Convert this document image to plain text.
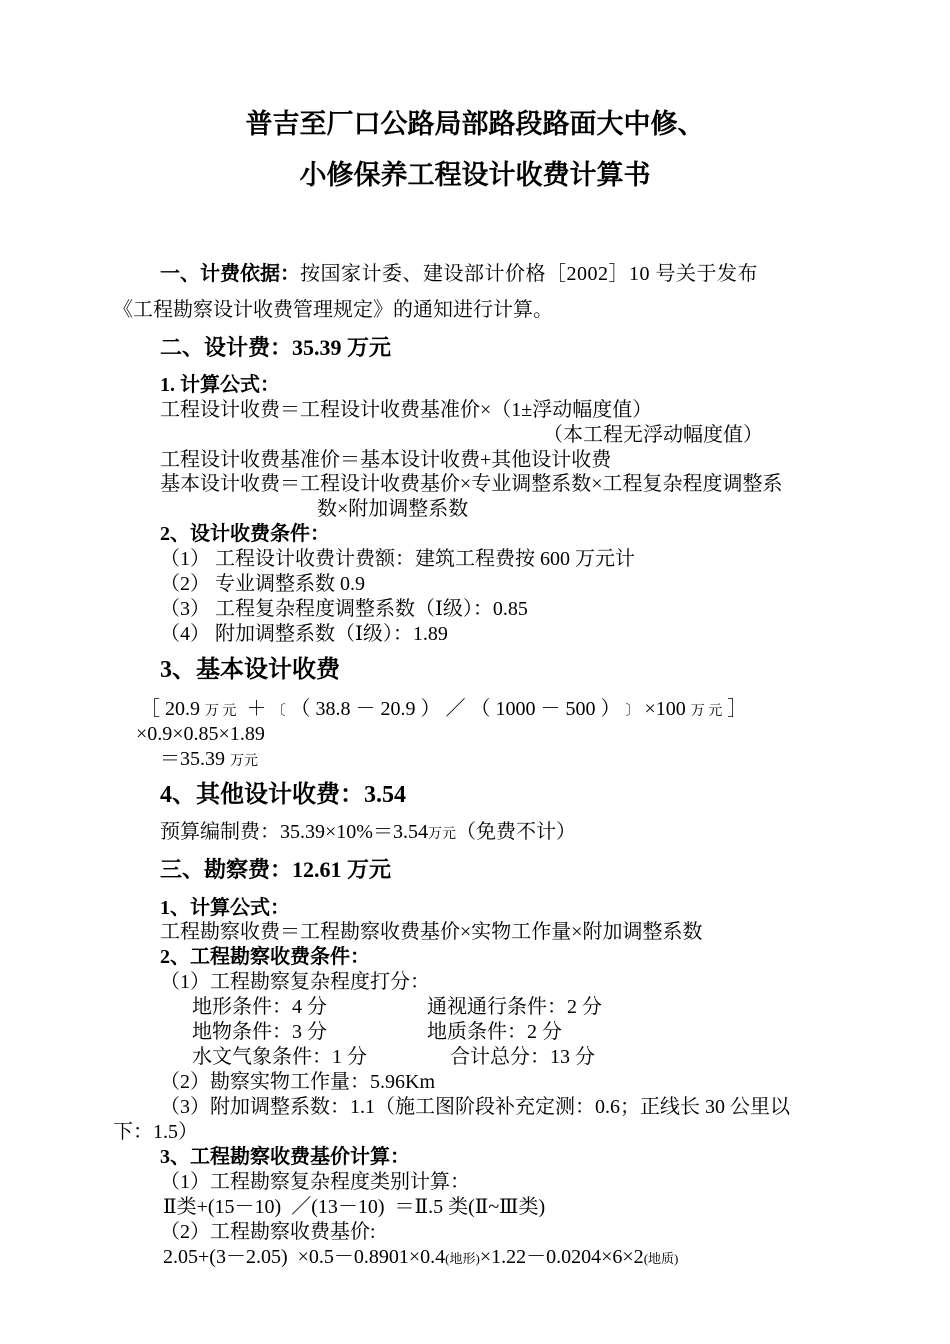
普吉至厂口公路局部路段路面大中修、
小修保养工程设计收费计算书
一、计费依据：按国家计委、建设部计价格［2002］10 号关于发布
《工程勘察设计收费管理规定》的通知进行计算。
二、设计费：35.39 万元
1. 计算公式：
工程设计收费＝工程设计收费基准价×（1±浮动幅度值）
（本工程无浮动幅度值）
工程设计收费基准价＝基本设计收费+其他设计收费
基本设计收费＝工程设计收费基价×专业调整系数×工程复杂程度调整系
数×附加调整系数
2、设计收费条件：
（1） 工程设计收费计费额：建筑工程费按 600 万元计
（2） 专业调整系数 0.9
（3） 工程复杂程度调整系数（Ⅰ级）：0.85
（4） 附加调整系数（Ⅰ级）：1.89
3、基本设计收费
［ 20.9 万 元  ＋ 〔 （ 38.8 － 20.9 ） ／ （ 1000 － 500 ） 〕 ×100 万 元 ］
×0.9×0.85×1.89
＝35.39 万元
4、其他设计收费：3.54
预算编制费：35.39×10%＝3.54万元（免费不计）
三、勘察费：12.61 万元
1、计算公式：
工程勘察收费＝工程勘察收费基价×实物工作量×附加调整系数
2、工程勘察收费条件：
（1）工程勘察复杂程度打分：
地形条件：4 分	通视通行条件：2 分
地物条件：3 分	地质条件：2 分
水文气象条件：1 分	合计总分：13 分
（2）勘察实物工作量：5.96Km
（3）附加调整系数：1.1（施工图阶段补充定测：0.6；正线长 30 公里以
下：1.5）
3、工程勘察收费基价计算：
（1）工程勘察复杂程度类别计算：
Ⅱ类+(15－10)  ／(13－10)  ＝Ⅱ.5 类(Ⅱ~Ⅲ类)
（2）工程勘察收费基价:
2.05+(3－2.05)  ×0.5－0.8901×0.4(地形)×1.22－0.0204×6×2(地质)
